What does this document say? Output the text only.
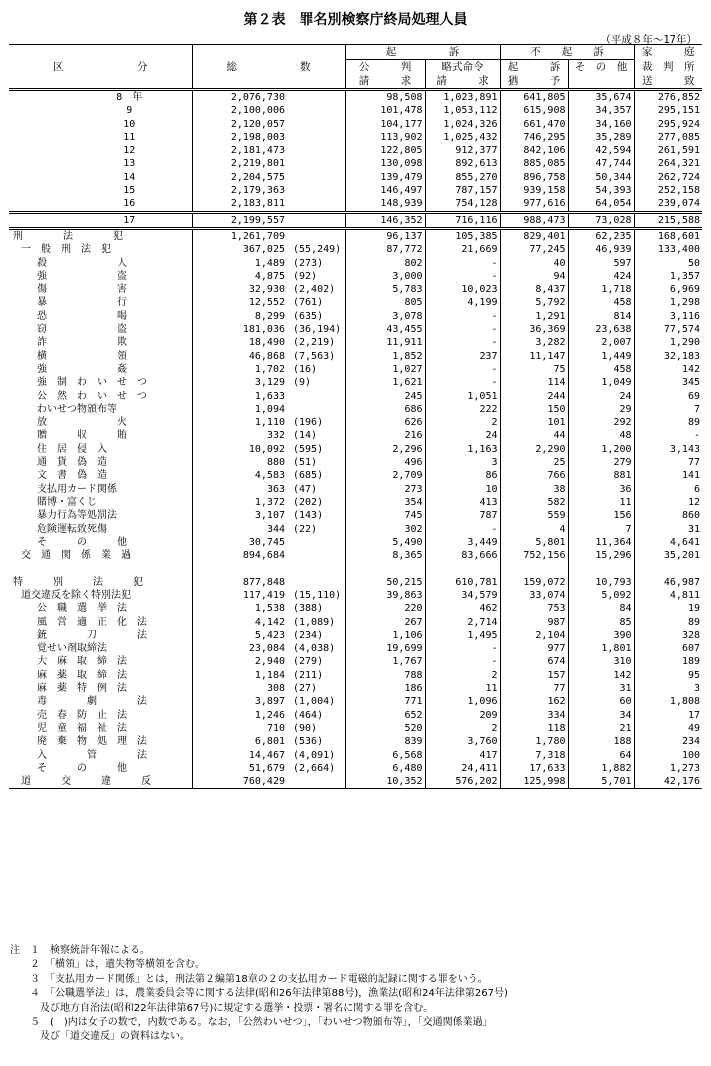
第２表　罪名別検察庁終局処理人員
（平成８年～17年）
			起　　　　　訴		不　　起　　訴		家　　　庭
区　　　　　　　分	総　　　　　　数		公　　　判	略式命令	起　　　訴	そ　の　他	裁　判　所
			請　　　求	請　　　求	猶　　　予		送　　　致
8　年	2,076,730		98,508	1,023,891	641,805	35,674	276,852
9	2,100,006		101,478	1,053,112	615,908	34,357	295,151
10	2,120,057		104,177	1,024,326	661,470	34,160	295,924
11	2,198,003		113,902	1,025,432	746,295	35,289	277,085
12	2,181,473		122,805	912,377	842,106	42,594	261,591
13	2,219,801		130,098	892,613	885,085	47,744	264,321
14	2,204,575		139,479	855,270	896,758	50,344	262,724
15	2,179,363		146,497	787,157	939,158	54,393	252,158
16	2,183,811		148,939	754,128	977,616	64,054	239,074
17	2,199,557		146,352	716,116	988,473	73,028	215,588
刑　　　　法　　　　犯	1,261,709		96,137	105,385	829,401	62,235	168,601
一　般　刑　法　犯	367,025	(55,249)	87,772	21,669	77,245	46,939	133,400
殺　　　　　　　人	1,489	(273)	802	-	40	597	50
強　　　　　　　盗	4,875	(92)	3,000	-	94	424	1,357
傷　　　　　　　害	32,930	(2,402)	5,783	10,023	8,437	1,718	6,969
暴　　　　　　　行	12,552	(761)	805	4,199	5,792	458	1,298
恐　　　　　　　喝	8,299	(635)	3,078	-	1,291	814	3,116
窃　　　　　　　盗	181,036	(36,194)	43,455	-	36,369	23,638	77,574
詐　　　　　　　欺	18,490	(2,219)	11,911	-	3,282	2,007	1,290
横　　　　　　　領	46,868	(7,563)	1,852	237	11,147	1,449	32,183
強　　　　　　　姦	1,702	(16)	1,027	-	75	458	142
強　制　わ　い　せ　つ	3,129	(9)	1,621	-	114	1,049	345
公　然　わ　い　せ　つ	1,633		245	1,051	244	24	69
わいせつ物頒布等	1,094		686	222	150	29	7
放　　　　　　　火	1,110	(196)	626	2	101	292	89
贈　　　収　　　賄	332	(14)	216	24	44	48	-
住　居　侵　入	10,092	(595)	2,296	1,163	2,290	1,200	3,143
通　貨　偽　造	880	(51)	496	3	25	279	77
文　書　偽　造	4,583	(685)	2,709	86	766	881	141
支払用カード関係	363	(47)	273	10	38	36	6
賭博・富くじ	1,372	(202)	354	413	582	11	12
暴力行為等処罰法	3,107	(143)	745	787	559	156	860
危険運転致死傷	344	(22)	302	-	4	7	31
そ　　　の　　　他	30,745		5,490	3,449	5,801	11,364	4,641
交　通　関　係　業　過	894,684		8,365	83,666	752,156	15,296	35,201

特　　　別　　　法　　　犯	877,848		50,215	610,781	159,072	10,793	46,987
道交違反を除く特別法犯	117,419	(15,110)	39,863	34,579	33,074	5,092	4,811
公　職　選　挙　法	1,538	(388)	220	462	753	84	19
風　営　適　正　化　法	4,142	(1,089)	267	2,714	987	85	89
銃　　　　刀　　　　法	5,423	(234)	1,106	1,495	2,104	390	328
覚せい剤取締法	23,084	(4,038)	19,699	-	977	1,801	607
大　麻　取　締　法	2,940	(279)	1,767	-	674	310	189
麻　薬　取　締　法	1,184	(211)	788	2	157	142	95
麻　薬　特　例　法	308	(27)	186	11	77	31	3
毒　　　　劇　　　　法	3,897	(1,004)	771	1,096	162	60	1,808
売　春　防　止　法	1,246	(464)	652	209	334	34	17
児　童　福　祉　法	710	(90)	520	2	118	21	49
廃　棄　物　処　理　法	6,801	(536)	839	3,760	1,780	188	234
入　　　　管　　　　法	14,467	(4,091)	6,568	417	7,318	64	100
そ　　　の　　　他	51,679	(2,664)	6,480	24,411	17,633	1,882	1,273
道　　　交　　　違　　　反	760,429		10,352	576,202	125,998	5,701	42,176
注　１　検察統計年報による。
　　２　「横領」は，遺失物等横領を含む。
　　３　「支払用カード関係」とは，刑法第２編第18章の２の支払用カード電磁的記録に関する罪をいう。
　　４　「公職選挙法」は，農業委員会等に関する法律(昭和26年法律第88号)，漁業法(昭和24年法律第267号)
　　　及び地方自治法(昭和22年法律第67号)に規定する選挙・投票・署名に関する罪を含む。
　　５　(　)内は女子の数で，内数である。なお，「公然わいせつ」，「わいせつ物頒布等」，「交通関係業過」
　　　及び「道交違反」の資料はない。
